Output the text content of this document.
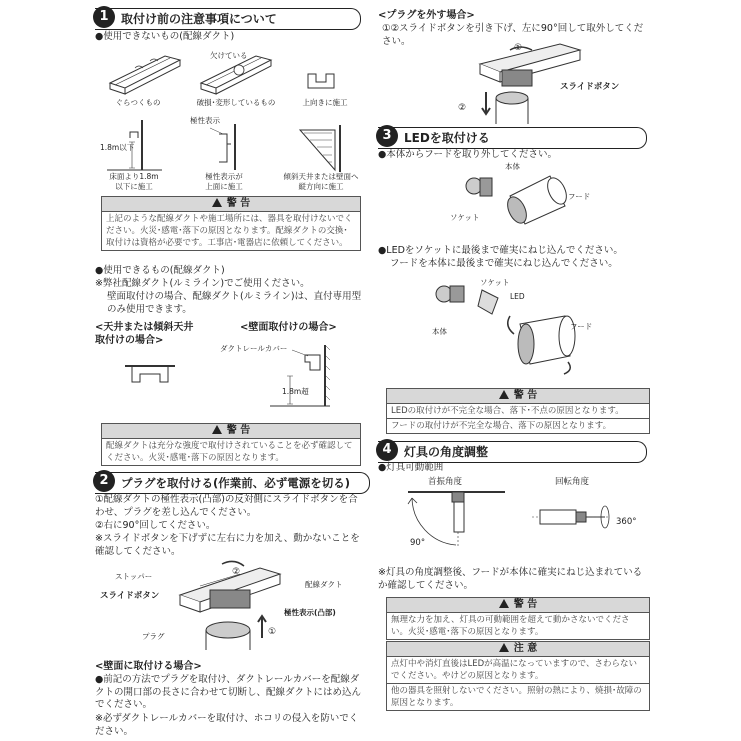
1	取付け前の注意事項について
●使用できないもの(配線ダクト)
欠けている
ぐらつくもの	破損･変形しているもの	上向きに施工
1.8m以下
極性表示
床面より1.8m
以下に施工
極性表示が
上面に施工
傾斜天井または壁面へ
縦方向に施工
警 告
上記のような配線ダクトや施工場所には、器具を取付けないでください。火災･感電･落下の原因となります。配線ダクトの交換･取付けは資格が必要です。工事店･電器店に依頼してください。
●使用できるもの(配線ダクト)
※弊社配線ダクト(ルミライン)でご使用ください。
壁面取付けの場合、配線ダクト(ルミライン)は、直付専用型のみ使用できます。
<天井または傾斜天井
取付けの場合>
<壁面取付けの場合>
ダクトレールカバー
1.8m超
警 告
配線ダクトは充分な強度で取付けされていることを必ず確認してください。火災･感電･落下の原因となります。
2	プラグを取付ける(作業前、必ず電源を切る)
①配線ダクトの極性表示(凸部)の反対側にスライドボタンを合わせ、プラグを差し込んでください。
②右に90°回してください。
※スライドボタンを下げずに左右に力を加え、動かないことを確認してください。
ストッパー
スライドボタン
配線ダクト
極性表示(凸部)
プラグ	①
②
<壁面に取付ける場合>
●前記の方法でプラグを取付け、ダクトレールカバーを配線ダクトの開口部の長さに合わせて切断し、配線ダクトにはめ込んでください。
※必ずダクトレールカバーを取付け、ホコリの侵入を防いでください。
<プラグを外す場合>
①②スライドボタンを引き下げ、左に90°回して取外してください。
①
②
スライドボタン
3	LEDを取付ける
●本体からフードを取り外してください。
本体
フード
ソケット
●LEDをソケットに最後まで確実にねじ込んでください。
フードを本体に最後まで確実にねじ込んでください。
ソケット
LED
フード
本体
警 告
LEDの取付けが不完全な場合、落下･不点の原因となります。
フードの取付けが不完全な場合、落下の原因となります。
4	灯具の角度調整
●灯具可動範囲
首振角度	回転角度
90°
360°
※灯具の角度調整後、フードが本体に確実にねじ込まれているか確認してください。
警 告
無理な力を加え、灯具の可動範囲を超えて動かさないでください。火災･感電･落下の原因となります。
注 意
点灯中や消灯直後はLEDが高温になっていますので、さわらないでください。やけどの原因となります。
他の器具を照射しないでください。照射の熱により、焼損･故障の原因となります。
